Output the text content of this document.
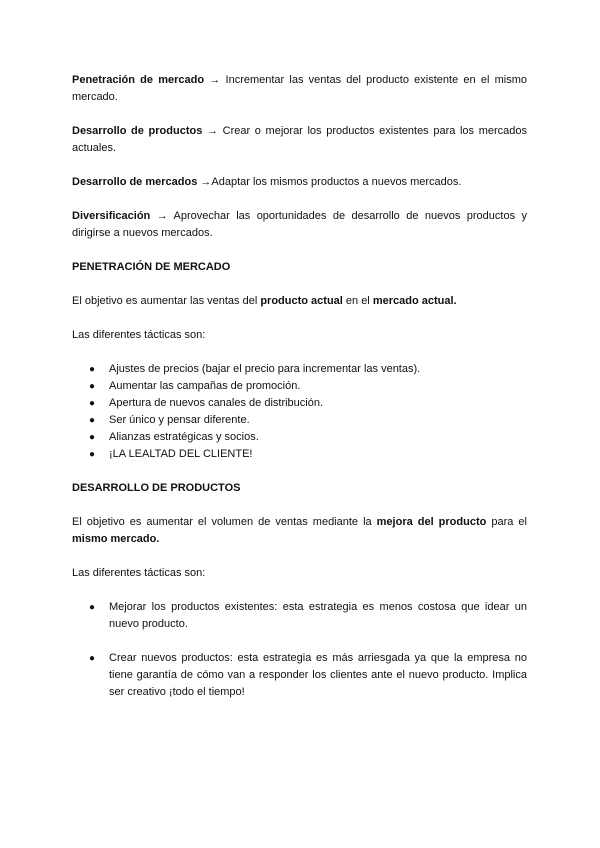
Penetración de mercado → Incrementar las ventas del producto existente en el mismo mercado.

Desarrollo de productos → Crear o mejorar los productos existentes para los mercados actuales.

Desarrollo de mercados →Adaptar los mismos productos a nuevos mercados.

Diversificación → Aprovechar las oportunidades de desarrollo de nuevos productos y dirigirse a nuevos mercados.

PENETRACIÓN DE MERCADO

El objetivo es aumentar las ventas del producto actual en el mercado actual.

Las diferentes tácticas son:

● Ajustes de precios (bajar el precio para incrementar las ventas).
● Aumentar las campañas de promoción.
● Apertura de nuevos canales de distribución.
● Ser único y pensar diferente.
● Alianzas estratégicas y socios.
● ¡LA LEALTAD DEL CLIENTE!

DESARROLLO DE PRODUCTOS

El objetivo es aumentar el volumen de ventas mediante la mejora del producto para el mismo mercado.

Las diferentes tácticas son:

● Mejorar los productos existentes: esta estrategia es menos costosa que idear un nuevo producto.
● Crear nuevos productos: esta estrategia es más arriesgada ya que la empresa no tiene garantía de cómo van a responder los clientes ante el nuevo producto. Implica ser creativo ¡todo el tiempo!
